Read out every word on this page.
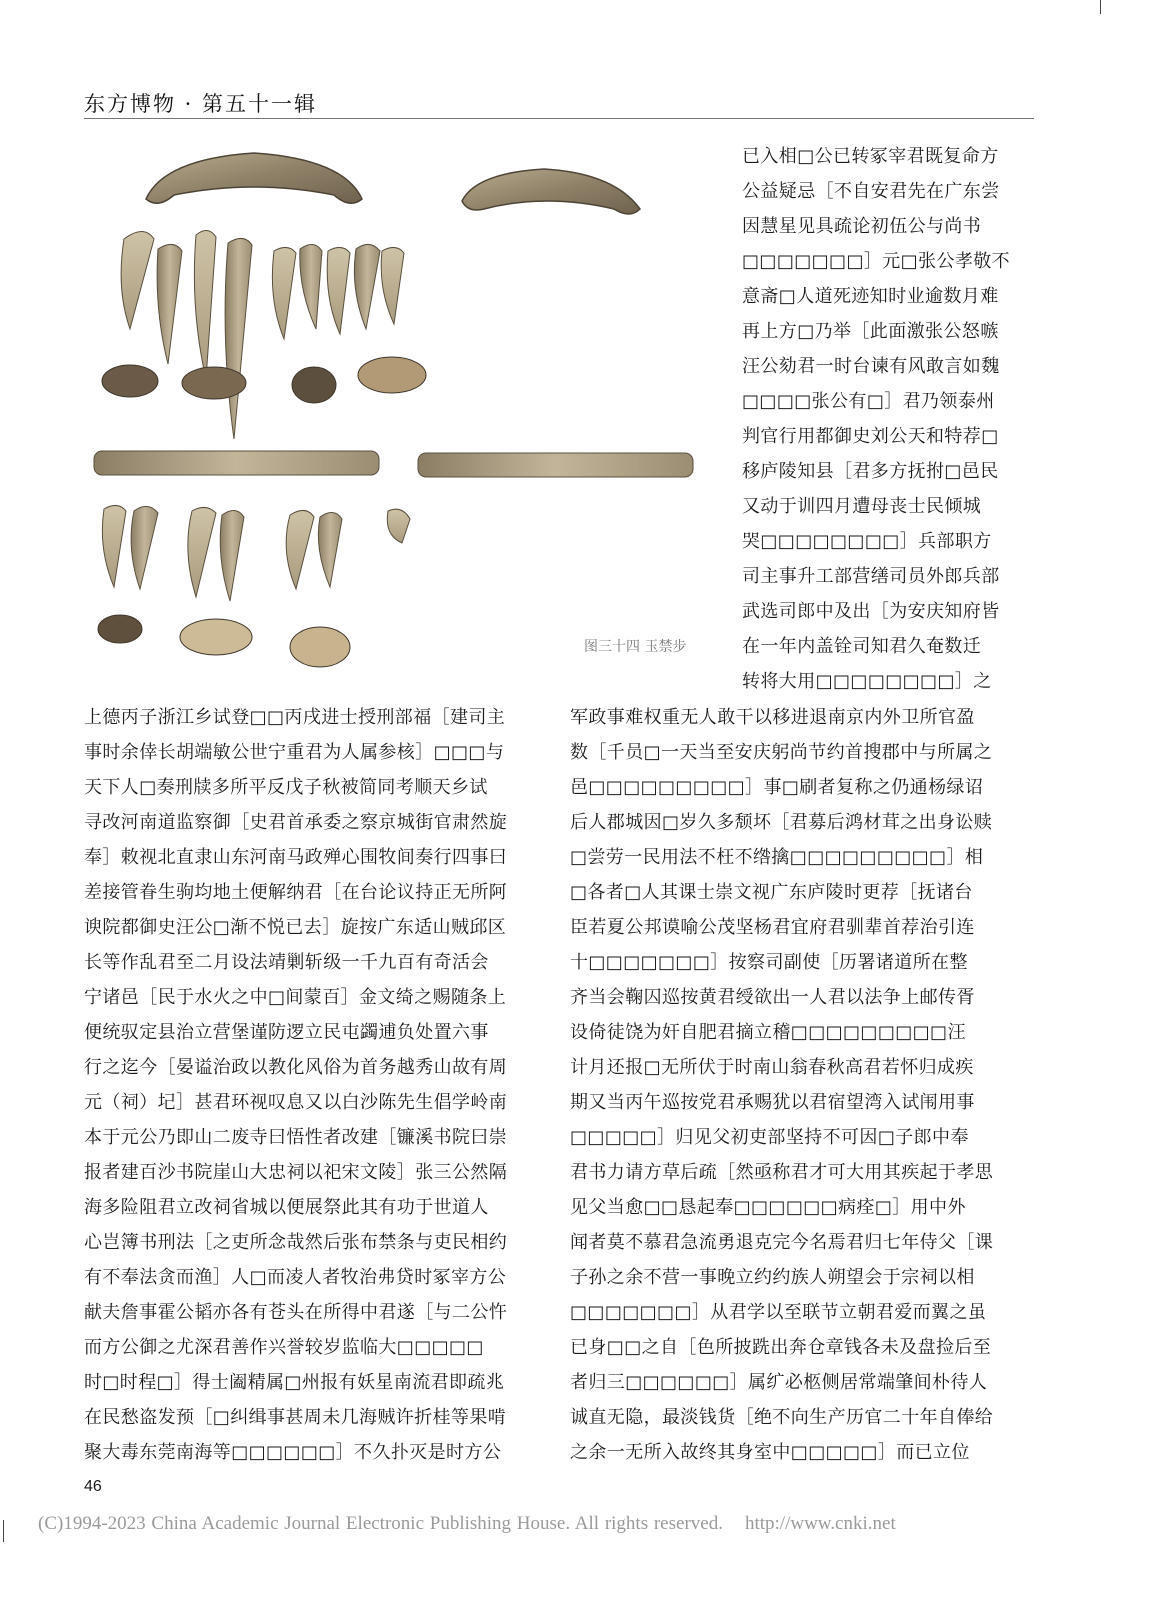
东方博物 · 第五十一辑
图三十四 玉禁步
已入相□公已转冢宰君既复命方
公益疑忌［不自安君先在广东尝
因慧星见具疏论初伍公与尚书
□□□□□□□］元□张公孝敬不
意斋□人道死迹知时业逾数月难
再上方□乃举［此面激张公怒嗾
汪公劾君一时台谏有风敢言如魏
□□□□张公有□］君乃领泰州
判官行用都御史刘公天和特荐□
移庐陵知县［君多方抚拊□邑民
又动于训四月遭母丧士民倾城
哭□□□□□□□□］兵部职方
司主事升工部营缮司员外郎兵部
武选司郎中及出［为安庆知府皆
在一年内盖铨司知君久奄数迁
转将大用□□□□□□□□］之
上德丙子浙江乡试登□□丙戌进士授刑部福［建司主
事时余倖长胡端敏公世宁重君为人属参核］□□□与
天下人□奏刑牍多所平反戊子秋被简同考顺天乡试
寻改河南道监察御［史君首承委之察京城街官肃然旋
奉］敕视北直隶山东河南马政殚心围牧间奏行四事曰
差接管眷生驹均地土便解纳君［在台论议持正无所阿
谀院都御史汪公□渐不悦已去］旋按广东适山贼邱区
长等作乱君至二月设法靖剿斩级一千九百有奇活会
宁诸邑［民于水火之中□间蒙百］金文绮之赐随条上
便统驭定县治立营堡谨防逻立民屯蠲逋负处置六事
行之迄今［晏谥治政以教化风俗为首务越秀山故有周
元（祠）圮］甚君环视叹息又以白沙陈先生倡学岭南
本于元公乃即山二废寺曰悟性者改建［镰溪书院曰崇
报者建百沙书院崖山大忠祠以祀宋文陵］张三公然隔
海多险阻君立改祠省城以便展祭此其有功于世道人
心岂簿书刑法［之吏所念哉然后张布禁条与吏民相约
有不奉法贪而渔］人□而凌人者牧治弗贷时冢宰方公
献夫詹事霍公韬亦各有苍头在所得中君遂［与二公忤
而方公御之尤深君善作兴誉较岁监临大□□□□□
时□时程□］得士阖精属□州报有妖星南流君即疏兆
在民愁盗发预［□纠缉事甚周未几海贼许折桂等果啃
聚大毒东莞南海等□□□□□□］不久扑灭是时方公
军政事难权重无人敢干以移进退南京内外卫所官盈
数［千员□一天当至安庆躬尚节约首搜郡中与所属之
邑□□□□□□□□□］事□刷者复称之仍通杨绿诏
后人郡城因□岁久多颓坏［君募后鸿材茸之出身讼赎
□尝劳一民用法不枉不绺擒□□□□□□□□□］相
□各者□人其课士崇文视广东庐陵时更荐［抚诸台
臣若夏公邦谟喻公茂坚杨君宜府君驯辈首荐治引连
十□□□□□□□］按察司副使［历署诸道所在整
齐当会鞠囚巡按黄君绶欲出一人君以法争上邮传胥
设倚徒饶为奸自肥君摘立稽□□□□□□□□□汪
计月还报□无所伏于时南山翁春秋高君若怀归成疾
期又当丙午巡按党君承赐犹以君宿望湾入试闱用事
□□□□□］归见父初吏部坚持不可因□子郎中奉
君书力请方草后疏［然亟称君才可大用其疾起于孝思
见父当愈□□恳起奉□□□□□□病痊□］用中外
闻者莫不慕君急流勇退克完今名焉君归七年侍父［课
子孙之余不营一事晚立约约族人朔望会于宗祠以相
□□□□□□□］从君学以至联节立朝君爱而翼之虽
已身□□之自［色所披跣出奔仓章钱各未及盘捡后至
者归三□□□□□□］属纩必柩侧居常端肇间朴待人
诚直无隐，最淡钱货［绝不向生产历官二十年自俸给
之余一无所入故终其身室中□□□□□］而已立位
46
(C)1994-2023 China Academic Journal Electronic Publishing House. All rights reserved. http://www.cnki.net
